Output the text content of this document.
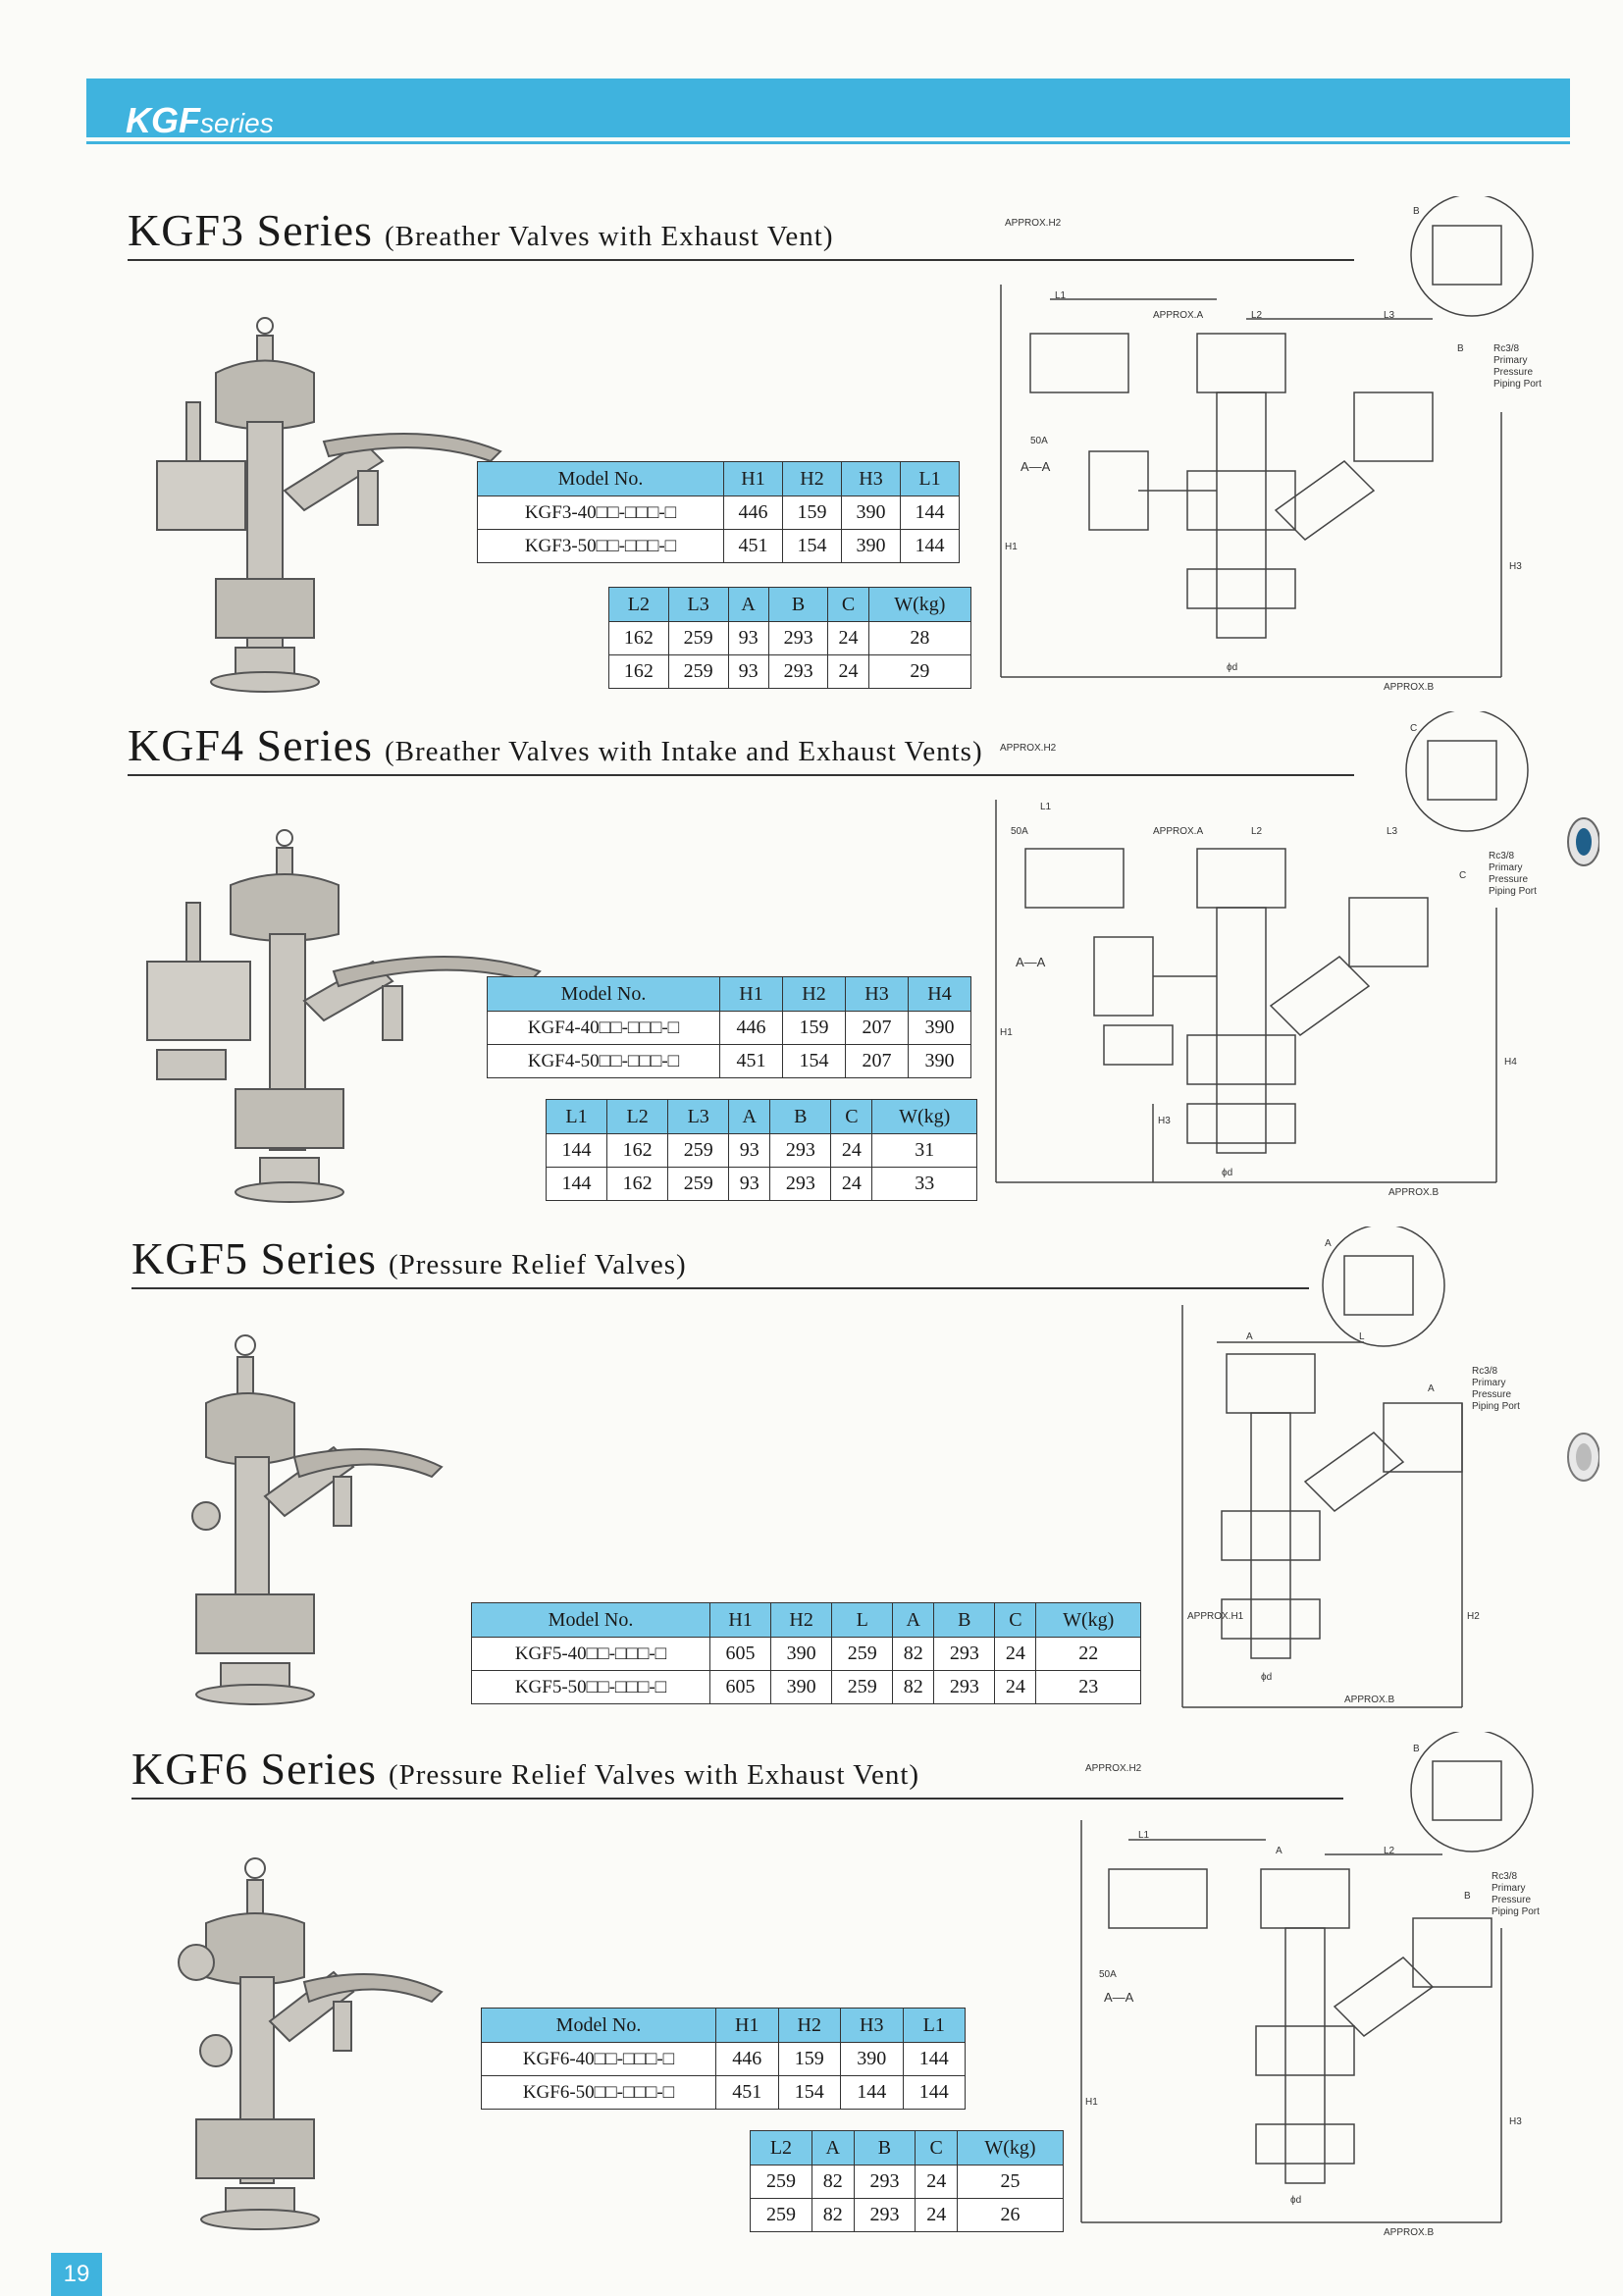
KGFseries
KGF3 Series (Breather Valves with Exhaust Vent)
Model No.	H1	H2	H3	L1
KGF3-40□□-□□□-□	446	159	390	144
KGF3-50□□-□□□-□	451	154	390	144
L2	L3	A	B	C	W(kg)
162	259	93	293	24	28
162	259	93	293	24	29
B
L1
APPROX.A	L2	L3
50A
A—A
H1
H3
ϕd
APPROX.B
APPROX.H2
B	Rc3/8
Primary
Pressure
Piping Port
KGF4 Series (Breather Valves with Intake and Exhaust Vents)
Model No.	H1	H2	H3	H4
KGF4-40□□-□□□-□	446	159	207	390
KGF4-50□□-□□□-□	451	154	207	390
L1	L2	L3	A	B	C	W(kg)
144	162	259	93	293	24	31
144	162	259	93	293	24	33
C
L1
APPROX.A	L2	L3
50A
A—A
H1
H3
H4
ϕd
APPROX.B
APPROX.H2
C
Rc3/8
Primary
Pressure
Piping Port
KGF5 Series (Pressure Relief Valves)
Model No.	H1	H2	L	A	B	C	W(kg)
KGF5-40□□-□□□-□	605	390	259	82	293	24	22
KGF5-50□□-□□□-□	605	390	259	82	293	24	23
A
A	L
APPROX.H1	H2
ϕd
APPROX.B
A
Rc3/8
Primary
Pressure
Piping Port
KGF6 Series (Pressure Relief Valves with Exhaust Vent)
Model No.	H1	H2	H3	L1
KGF6-40□□-□□□-□	446	159	390	144
KGF6-50□□-□□□-□	451	154	144	144
L2	A	B	C	W(kg)
259	82	293	24	25
259	82	293	24	26
B
L1
A	L2
50A
A—A
H1
H3
ϕd
APPROX.B
APPROX.H2
B
Rc3/8
Primary
Pressure
Piping Port
19
